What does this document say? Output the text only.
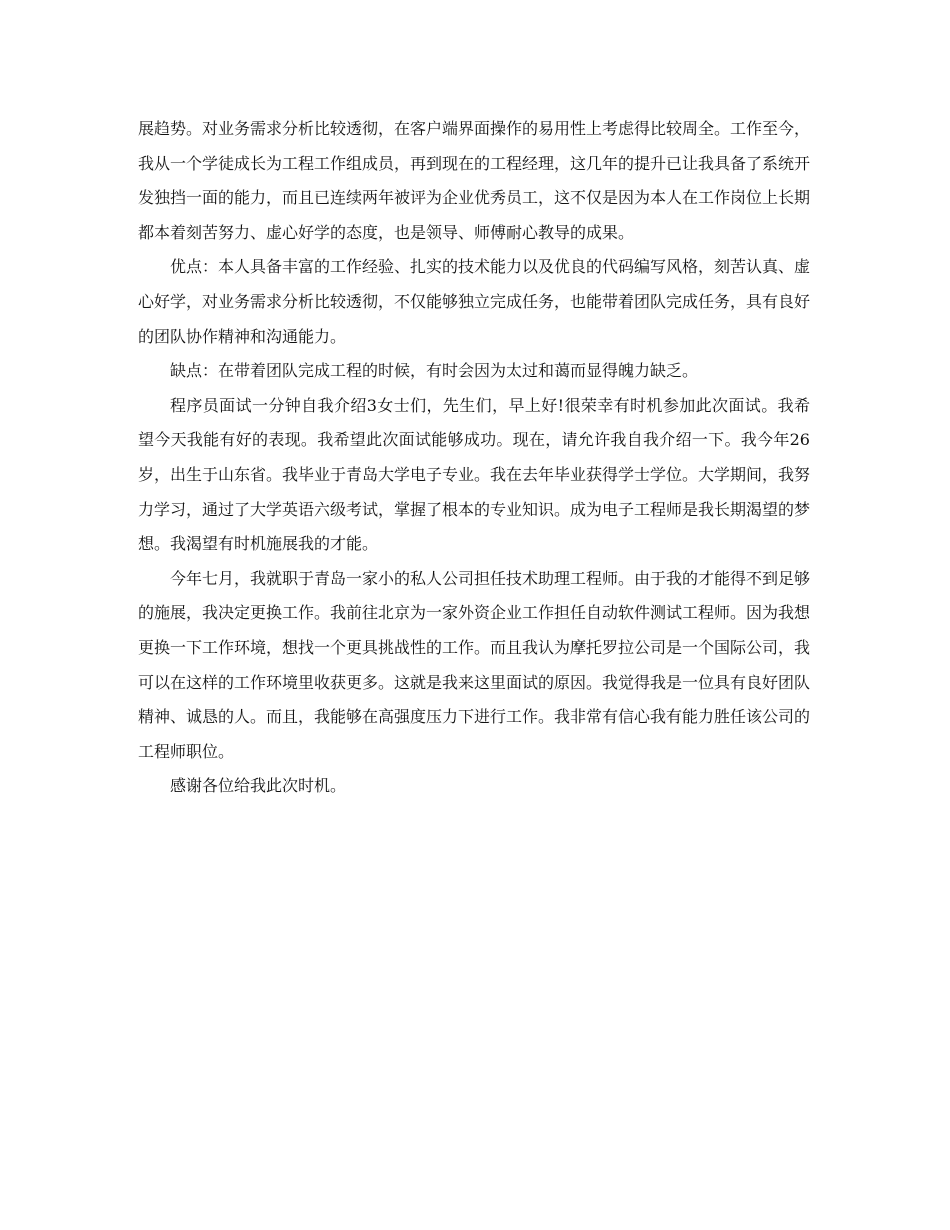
展趋势。对业务需求分析比较透彻，在客户端界面操作的易用性上考虑得比较周全。工作至今，我从一个学徒成长为工程工作组成员，再到现在的工程经理，这几年的提升已让我具备了系统开发独挡一面的能力，而且已连续两年被评为企业优秀员工，这不仅是因为本人在工作岗位上长期都本着刻苦努力、虚心好学的态度，也是领导、师傅耐心教导的成果。

优点：本人具备丰富的工作经验、扎实的技术能力以及优良的代码编写风格，刻苦认真、虚心好学，对业务需求分析比较透彻，不仅能够独立完成任务，也能带着团队完成任务，具有良好的团队协作精神和沟通能力。

缺点：在带着团队完成工程的时候，有时会因为太过和蔼而显得魄力缺乏。

程序员面试一分钟自我介绍3女士们，先生们，早上好!很荣幸有时机参加此次面试。我希望今天我能有好的表现。我希望此次面试能够成功。现在，请允许我自我介绍一下。我今年26岁，出生于山东省。我毕业于青岛大学电子专业。我在去年毕业获得学士学位。大学期间，我努力学习，通过了大学英语六级考试，掌握了根本的专业知识。成为电子工程师是我长期渴望的梦想。我渴望有时机施展我的才能。

今年七月，我就职于青岛一家小的私人公司担任技术助理工程师。由于我的才能得不到足够的施展，我决定更换工作。我前往北京为一家外资企业工作担任自动软件测试工程师。因为我想更换一下工作环境，想找一个更具挑战性的工作。而且我认为摩托罗拉公司是一个国际公司，我可以在这样的工作环境里收获更多。这就是我来这里面试的原因。我觉得我是一位具有良好团队精神、诚恳的人。而且，我能够在高强度压力下进行工作。我非常有信心我有能力胜任该公司的工程师职位。

感谢各位给我此次时机。
